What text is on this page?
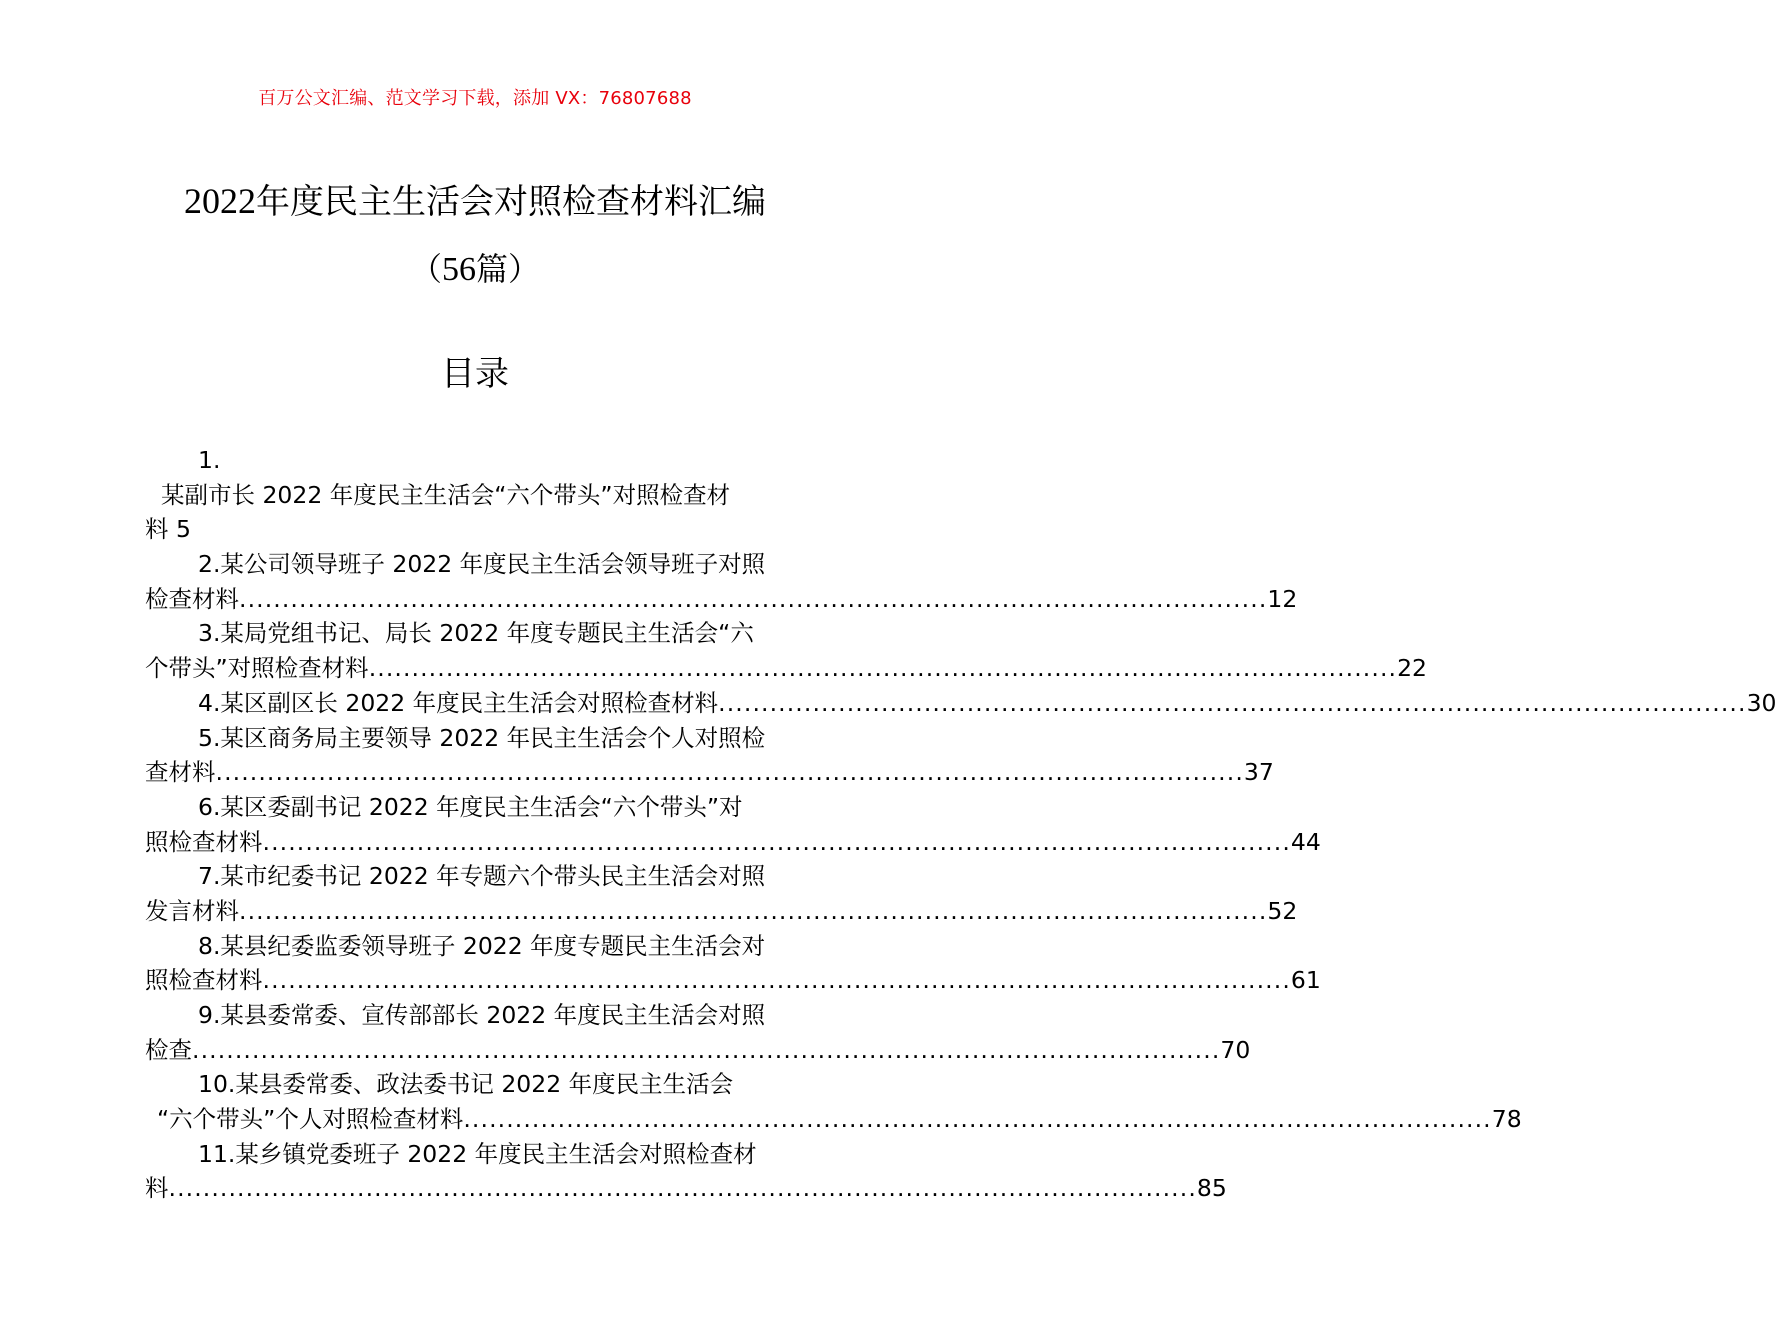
百万公文汇编、范文学习下载，添加 VX：76807688
2022年度民主生活会对照检查材料汇编
（56篇）
目录
1.
某副市长 2022 年度民主生活会“六个带头”对照检查材
料 5
2.某公司领导班子 2022 年度民主生活会领导班子对照
检查材料 ........................................................................................................................ 12
3.某局党组书记、局长 2022 年度专题民主生活会“六
个带头”对照检查材料 ........................................................................................................................ 22
4.某区副区长 2022 年度民主生活会对照检查材料 ........................................................................................................................ 30
5.某区商务局主要领导 2022 年民主生活会个人对照检
查材料 ........................................................................................................................ 37
6.某区委副书记 2022 年度民主生活会“六个带头”对
照检查材料 ........................................................................................................................ 44
7.某市纪委书记 2022 年专题六个带头民主生活会对照
发言材料 ........................................................................................................................ 52
8.某县纪委监委领导班子 2022 年度专题民主生活会对
照检查材料 ........................................................................................................................ 61
9.某县委常委、宣传部部长 2022 年度民主生活会对照
检查 ........................................................................................................................ 70
10.某县委常委、政法委书记 2022 年度民主生活会
“六个带头”个人对照检查材料 ........................................................................................................................ 78
11.某乡镇党委班子 2022 年度民主生活会对照检查材
料 ........................................................................................................................ 85
